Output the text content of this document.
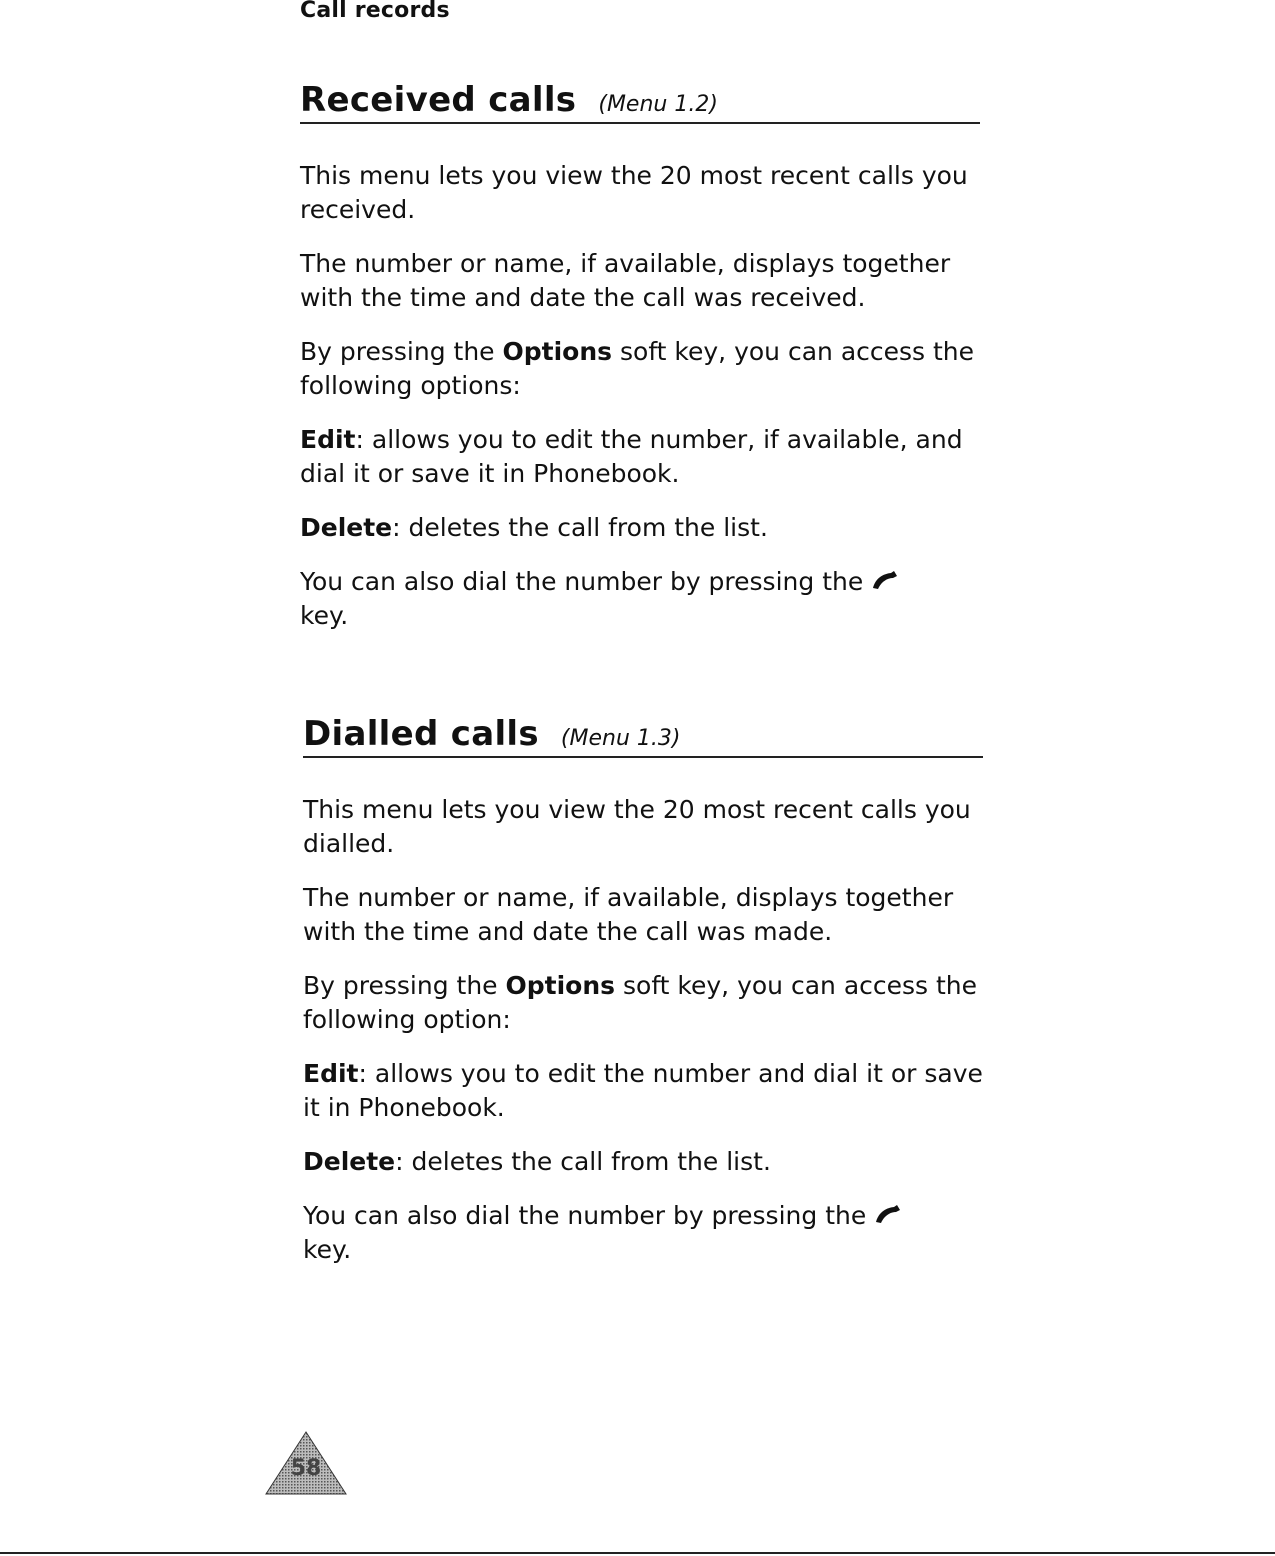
Call records
Received calls (Menu 1.2)

This menu lets you view the 20 most recent calls you received.

The number or name, if available, displays together with the time and date the call was received.

By pressing the Options soft key, you can access the following options:

Edit: allows you to edit the number, if available, and dial it or save it in Phonebook.

Delete: deletes the call from the list.

You can also dial the number by pressing the
key.

Dialled calls (Menu 1.3)

This menu lets you view the 20 most recent calls you dialled.

The number or name, if available, displays together with the time and date the call was made.

By pressing the Options soft key, you can access the following option:

Edit: allows you to edit the number and dial it or save it in Phonebook.

Delete: deletes the call from the list.

You can also dial the number by pressing the
key.

58
